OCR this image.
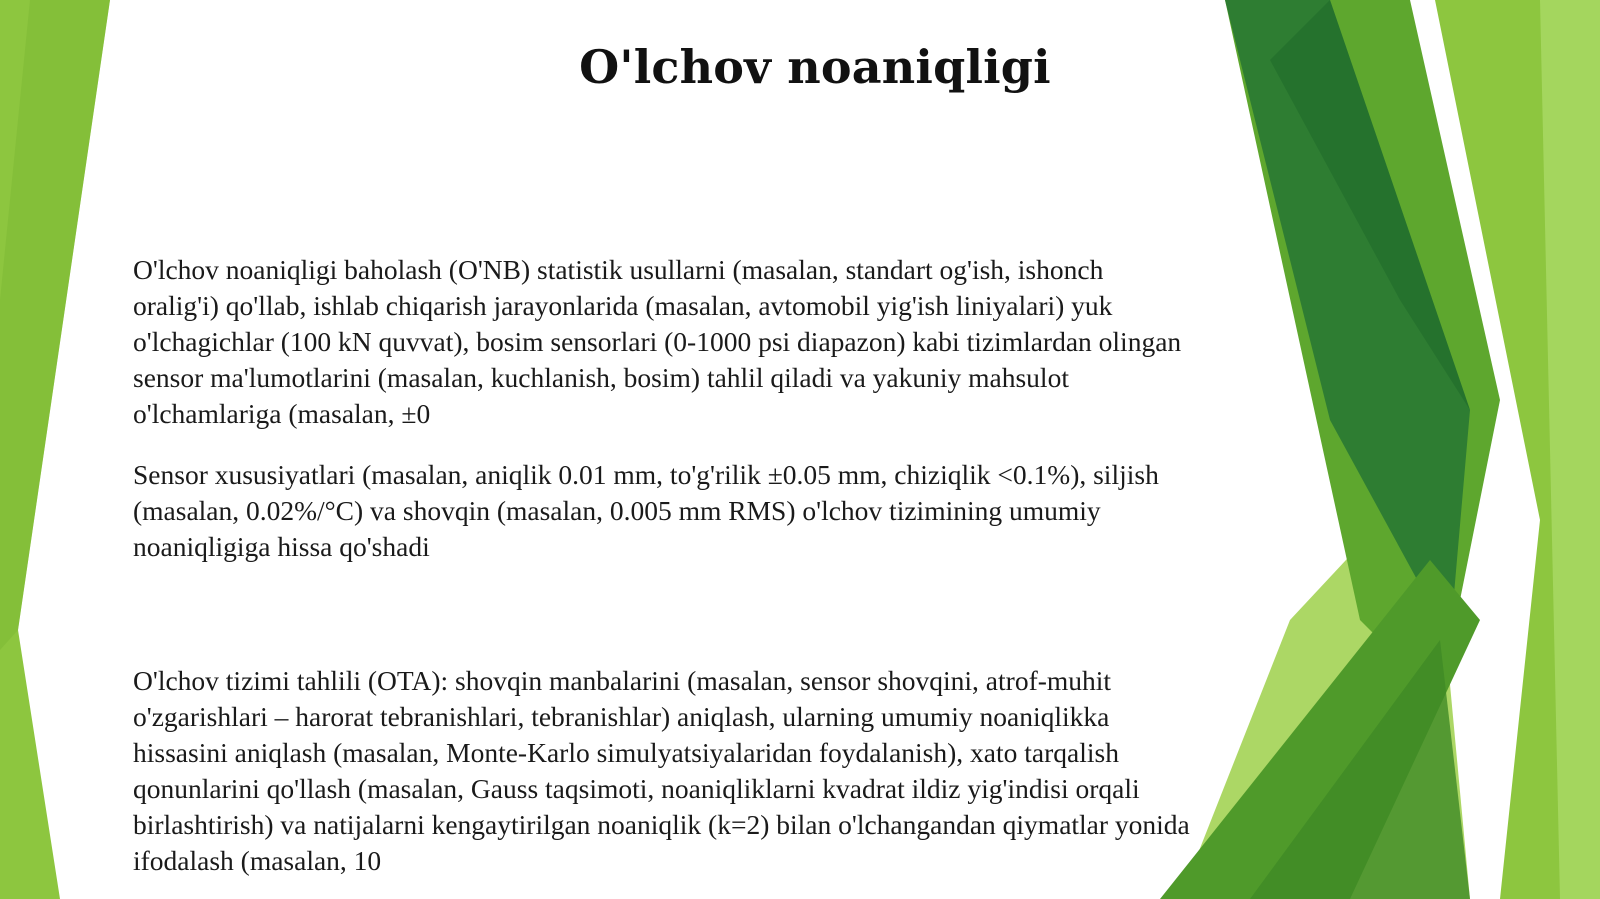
O'lchov noaniqligi

O'lchov noaniqligi baholash (O'NB) statistik usullarni (masalan, standart og'ish, ishonch
oralig'i) qo'llab, ishlab chiqarish jarayonlarida (masalan, avtomobil yig'ish liniyalari) yuk
o'lchagichlar (100 kN quvvat), bosim sensorlari (0-1000 psi diapazon) kabi tizimlardan olingan
sensor ma'lumotlarini (masalan, kuchlanish, bosim) tahlil qiladi va yakuniy mahsulot
o'lchamlariga (masalan, ±0

Sensor xususiyatlari (masalan, aniqlik 0.01 mm, to'g'rilik ±0.05 mm, chiziqlik <0.1%), siljish
(masalan, 0.02%/°C) va shovqin (masalan, 0.005 mm RMS) o'lchov tizimining umumiy
noaniqligiga hissa qo'shadi

O'lchov tizimi tahlili (OTA): shovqin manbalarini (masalan, sensor shovqini, atrof-muhit
o'zgarishlari – harorat tebranishlari, tebranishlar) aniqlash, ularning umumiy noaniqlikka
hissasini aniqlash (masalan, Monte-Karlo simulyatsiyalaridan foydalanish), xato tarqalish
qonunlarini qo'llash (masalan, Gauss taqsimoti, noaniqliklarni kvadrat ildiz yig'indisi orqali
birlashtirish) va natijalarni kengaytirilgan noaniqlik (k=2) bilan o'lchangandan qiymatlar yonida
ifodalash (masalan, 10
